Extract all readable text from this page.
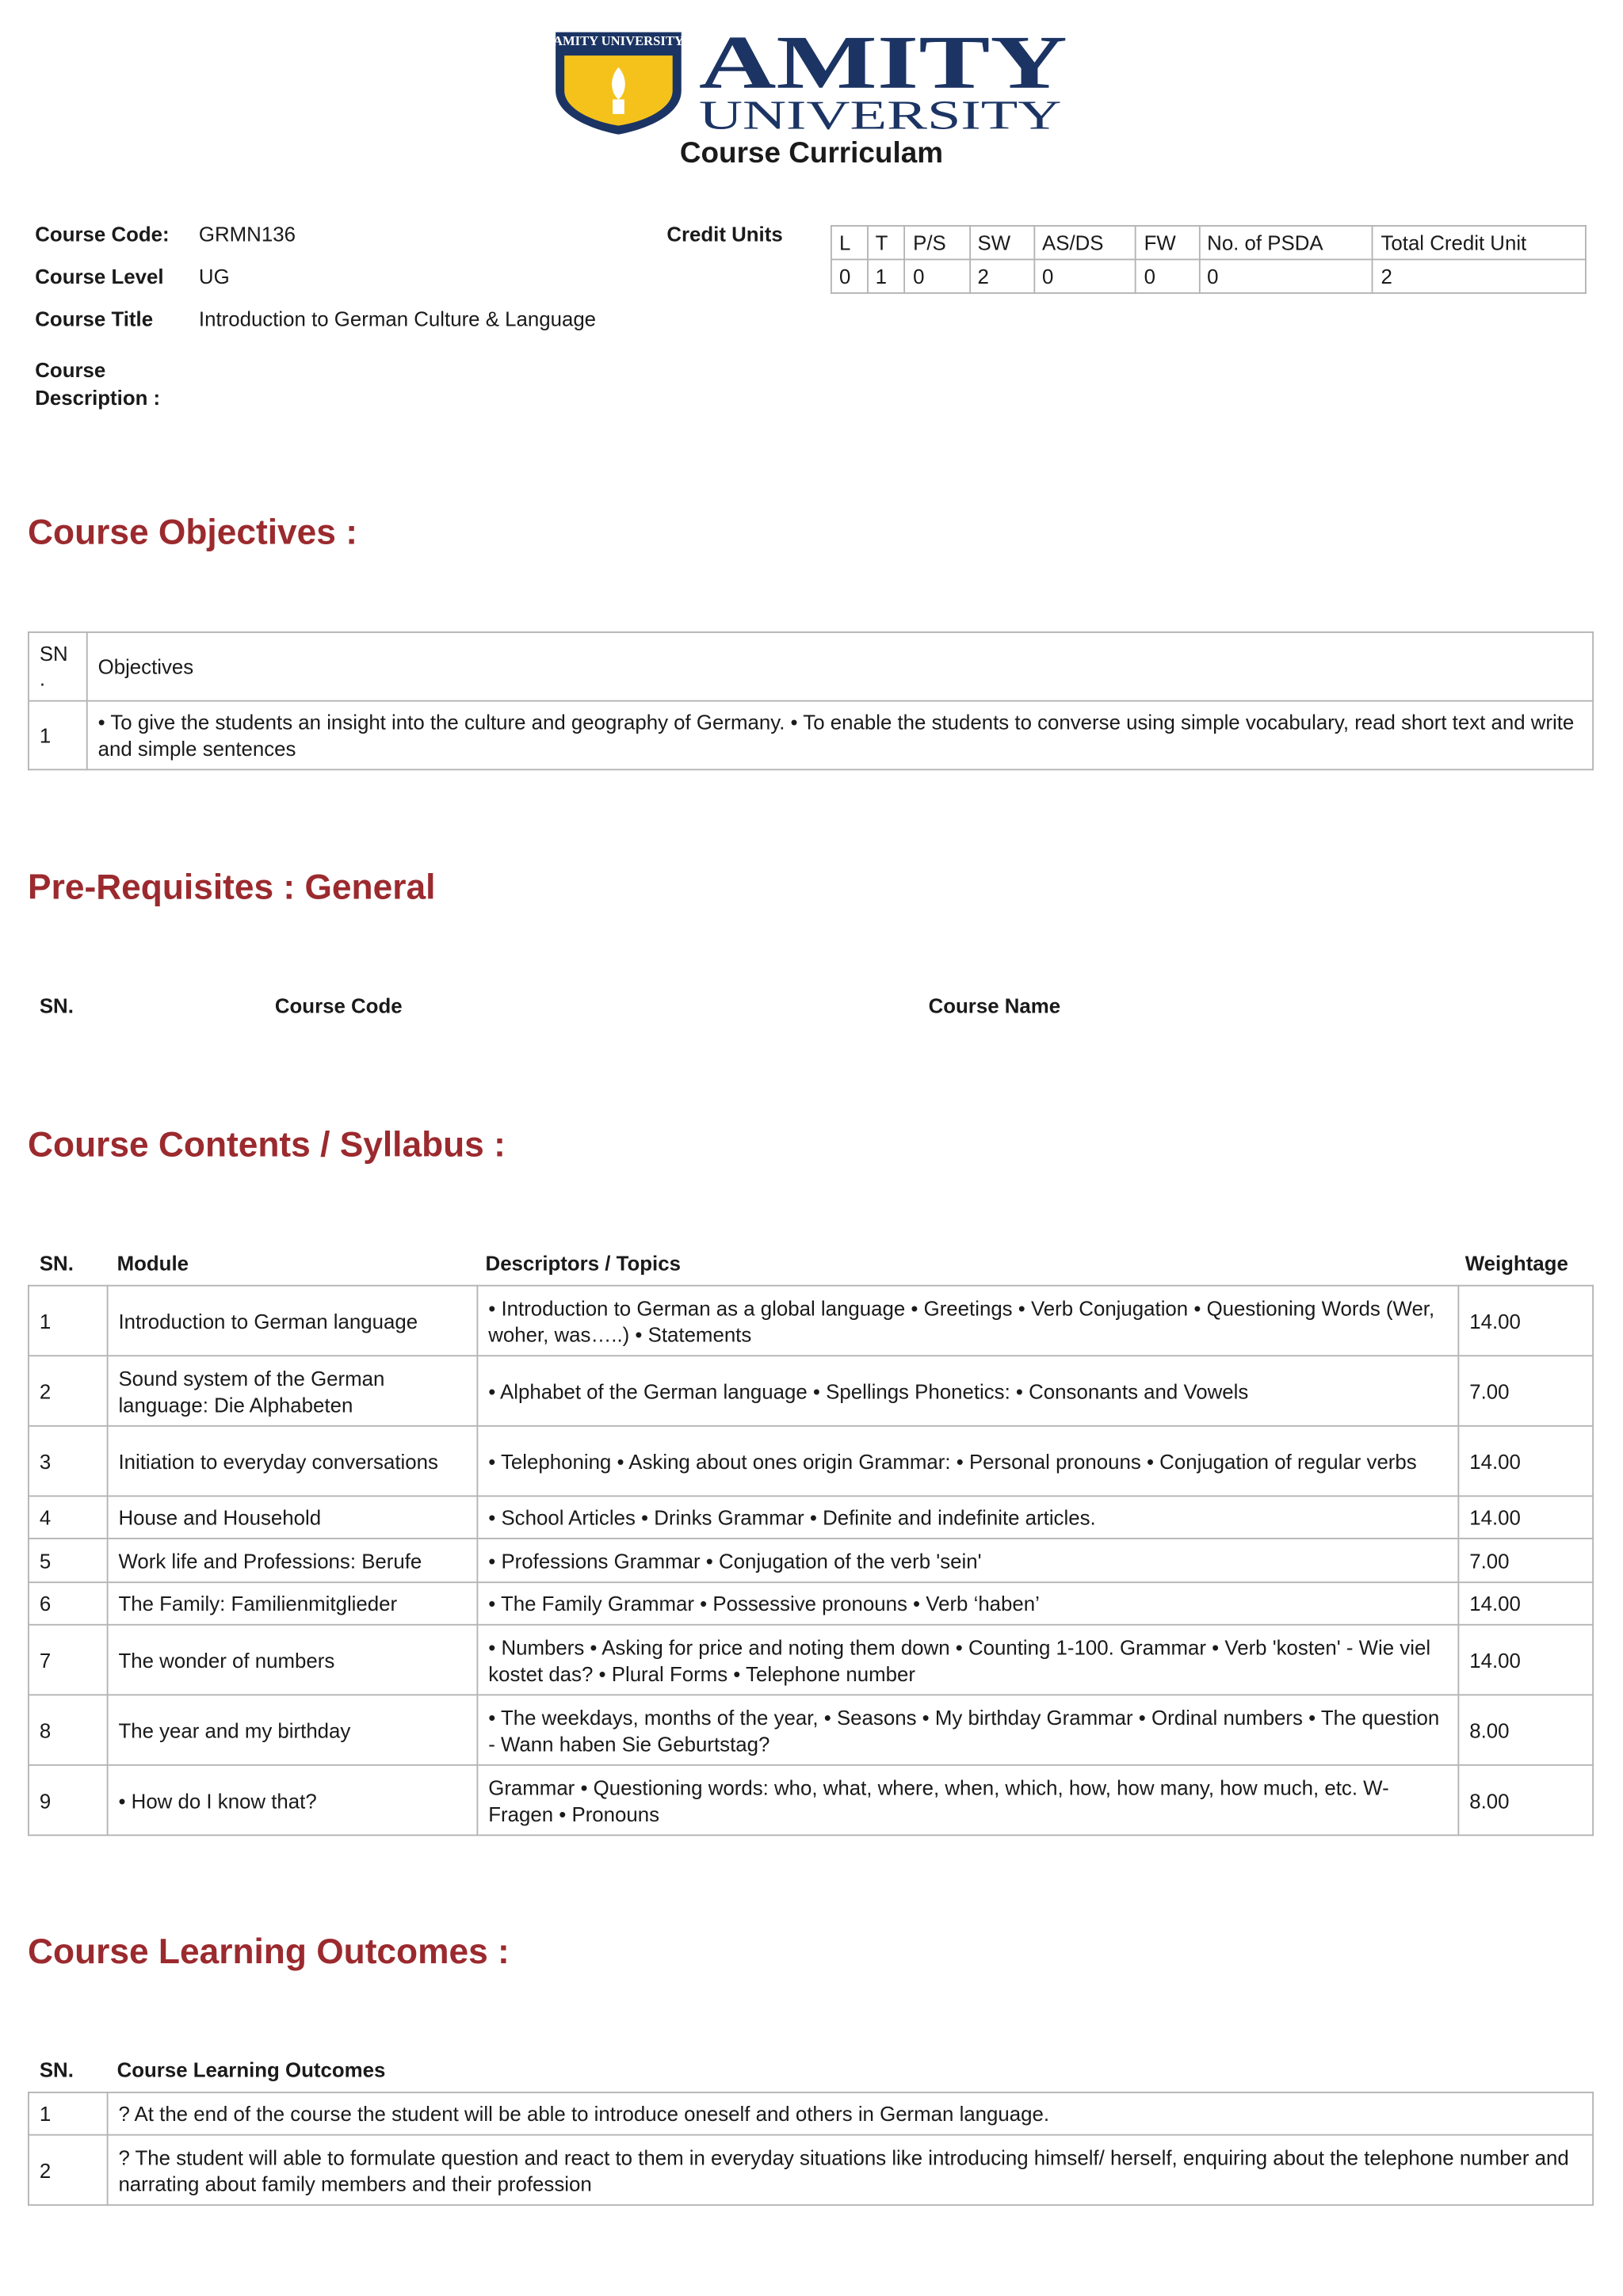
AMITY UNIVERSITY AMITY
UNIVERSITY
Course Curriculam
Course Code:	GRMN136
Course Level	UG
Course Title	Introduction to German Culture & Language
Course
Description :
Credit Units	L	T	P/S	SW	AS/DS	FW	No. of PSDA	Total Credit Unit
0	1	0	2	0	0	0	2
Course Objectives :
SN
.	Objectives
1	• To give the students an insight into the culture and geography of Germany. • To enable the students to converse using simple vocabulary, read short text and write and simple sentences
Pre-Requisites : General
SN.	Course Code	Course Name
Course Contents / Syllabus :
SN.	Module	Descriptors / Topics	Weightage
1	Introduction to German language	• Introduction to German as a global language • Greetings • Verb Conjugation • Questioning Words (Wer, woher, was…..) • Statements	14.00
2	Sound system of the German language: Die Alphabeten	• Alphabet of the German language • Spellings Phonetics: • Consonants and Vowels	7.00
3	Initiation to everyday conversations	• Telephoning • Asking about ones origin Grammar: • Personal pronouns • Conjugation of regular verbs	14.00
4	House and Household	• School Articles • Drinks Grammar • Definite and indefinite articles.	14.00
5	Work life and Professions: Berufe	• Professions Grammar • Conjugation of the verb 'sein'	7.00
6	The Family: Familienmitglieder	• The Family Grammar • Possessive pronouns • Verb ‘haben’	14.00
7	The wonder of numbers	• Numbers • Asking for price and noting them down • Counting 1-100. Grammar • Verb 'kosten' - Wie viel kostet das? • Plural Forms • Telephone number	14.00
8	The year and my birthday	• The weekdays, months of the year, • Seasons • My birthday Grammar • Ordinal numbers • The question - Wann haben Sie Geburtstag?	8.00
9	• How do I know that?	Grammar • Questioning words: who, what, where, when, which, how, how many, how much, etc. W-Fragen • Pronouns	8.00
Course Learning Outcomes :
SN.	Course Learning Outcomes
1	? At the end of the course the student will be able to introduce oneself and others in German language.
2	? The student will able to formulate question and react to them in everyday situations like introducing himself/ herself, enquiring about the telephone number and narrating about family members and their profession
